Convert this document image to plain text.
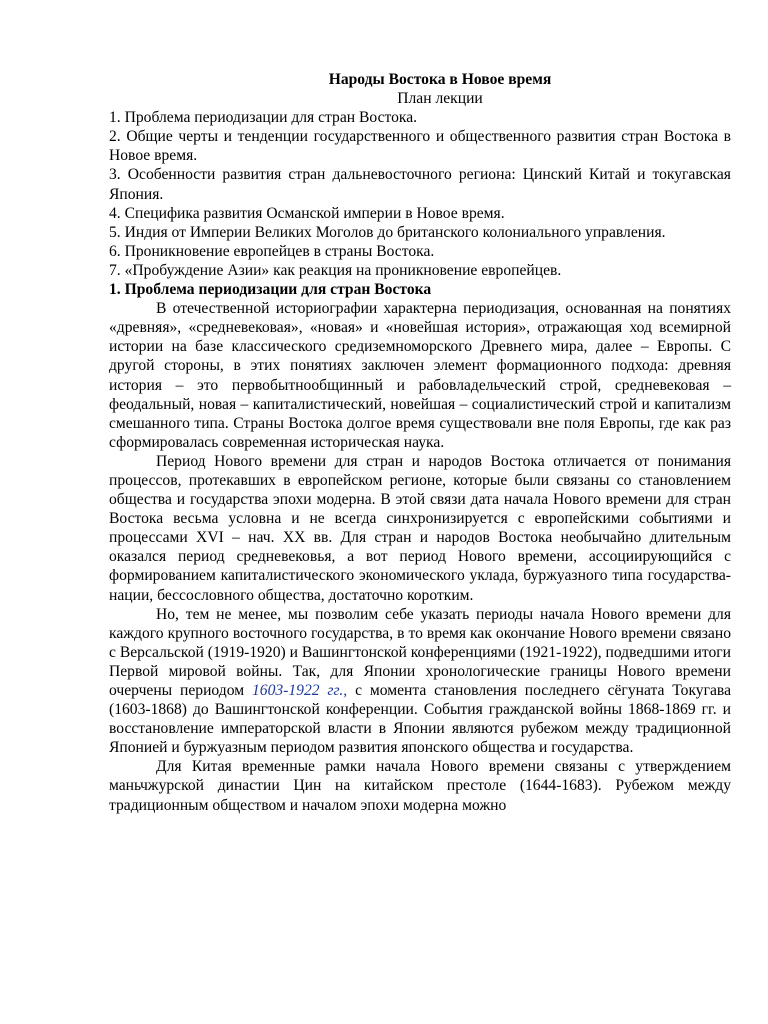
Народы Востока в Новое время

План лекции

1. Проблема периодизации для стран Востока.
2. Общие черты и тенденции государственного и общественного развития стран Востока в Новое время.
3. Особенности развития стран дальневосточного региона: Цинский Китай и токугавская Япония.
4. Специфика развития Османской империи в Новое время.
5. Индия от Империи Великих Моголов до британского колониального управления.
6. Проникновение европейцев в страны Востока.
7. «Пробуждение Азии» как реакция на проникновение европейцев.

1. Проблема периодизации для стран Востока

В отечественной историографии характерна периодизация, основанная на понятиях «древняя», «средневековая», «новая» и «новейшая история», отражающая ход всемирной истории на базе классического средиземноморского Древнего мира, далее – Европы. С другой стороны, в этих понятиях заключен элемент формационного подхода: древняя история – это первобытнообщинный и рабовладельческий строй, средневековая – феодальный, новая – капиталистический, новейшая – социалистический строй и капитализм смешанного типа. Страны Востока долгое время существовали вне поля Европы, где как раз сформировалась современная историческая наука.

Период Нового времени для стран и народов Востока отличается от понимания процессов, протекавших в европейском регионе, которые были связаны со становлением общества и государства эпохи модерна. В этой связи дата начала Нового времени для стран Востока весьма условна и не всегда синхронизируется с европейскими событиями и процессами XVI – нач. XX вв. Для стран и народов Востока необычайно длительным оказался период средневековья, а вот период Нового времени, ассоциирующийся с формированием капиталистического экономического уклада, буржуазного типа государства-нации, бессословного общества, достаточно коротким.

Но, тем не менее, мы позволим себе указать периоды начала Нового времени для каждого крупного восточного государства, в то время как окончание Нового времени связано с Версальской (1919-1920) и Вашингтонской конференциями (1921-1922), подведшими итоги Первой мировой войны. Так, для Японии хронологические границы Нового времени очерчены периодом 1603-1922 гг., с момента становления последнего сёгуната Токугава (1603-1868) до Вашингтонской конференции. События гражданской войны 1868-1869 гг. и восстановление императорской власти в Японии являются рубежом между традиционной Японией и буржуазным периодом развития японского общества и государства.

Для Китая временные рамки начала Нового времени связаны с утверждением маньчжурской династии Цин на китайском престоле (1644-1683). Рубежом между традиционным обществом и началом эпохи модерна можно
